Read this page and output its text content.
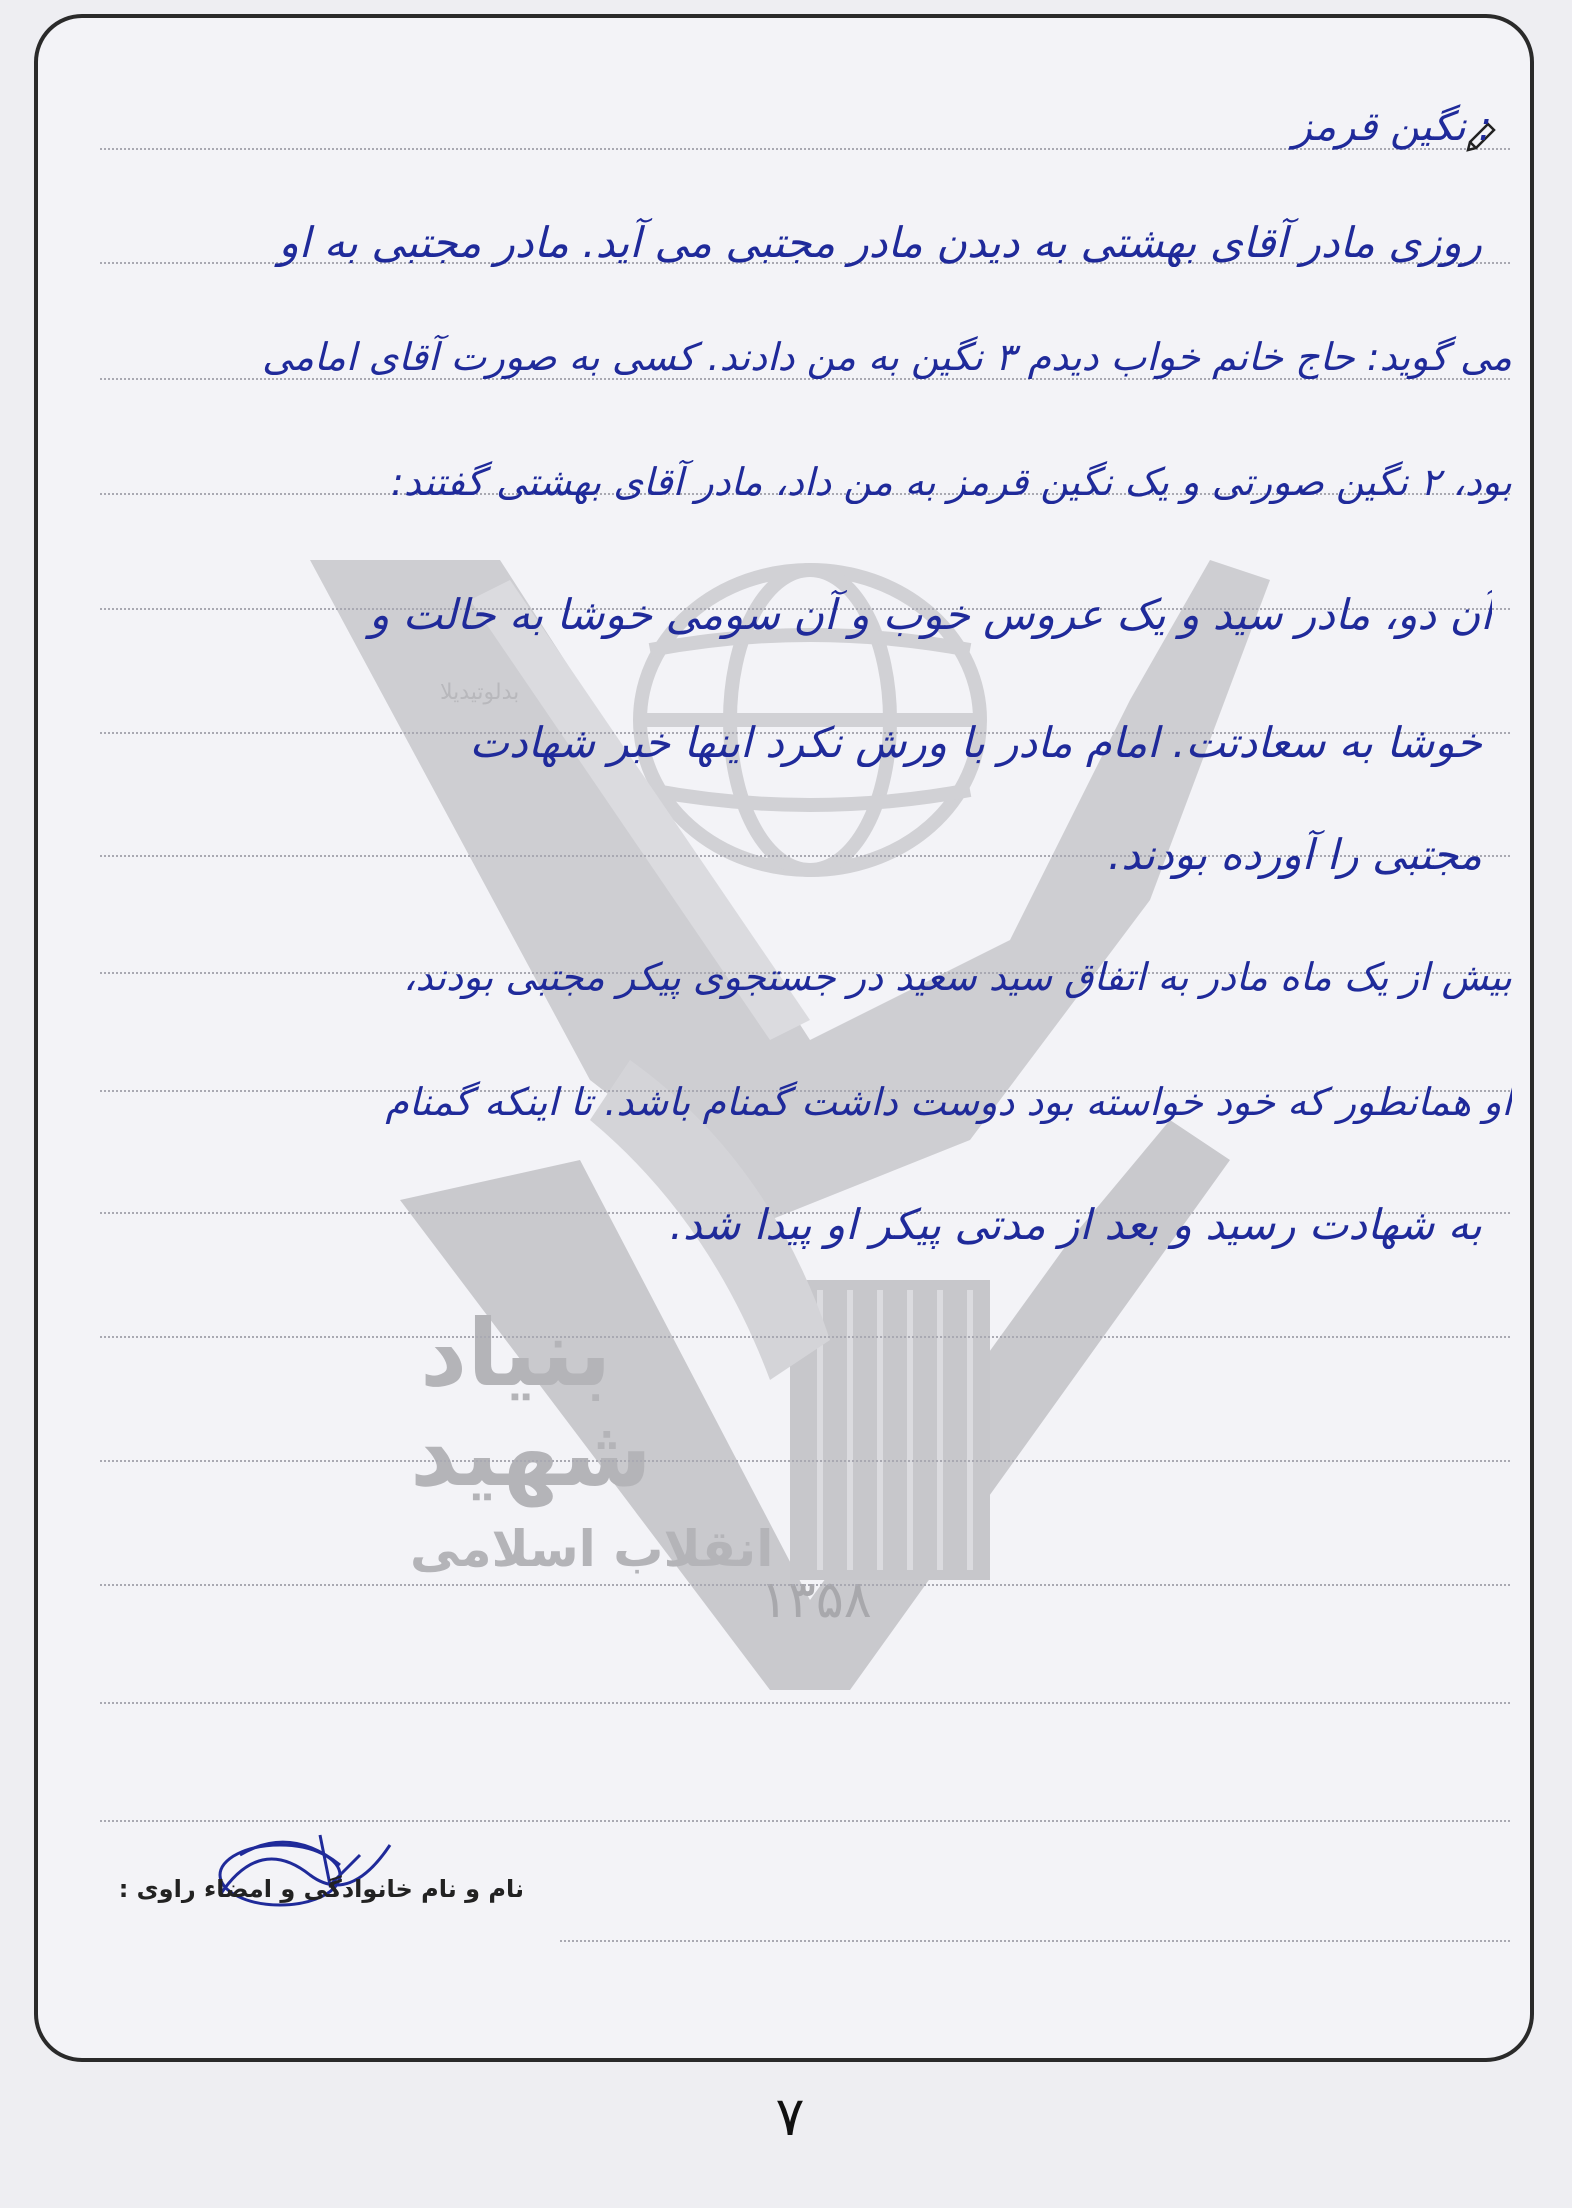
بنیاد
شهید
انقلاب اسلامی
۱۳۵۸
بدلوتیدیلا
: نگین قرمز
روزی مادر آقای بهشتی به دیدن مادر مجتبی می آید. مادر مجتبی به او
می گوید: حاج خانم خواب دیدم ۳ نگین به من دادند. کسی به صورت آقای امامی
بود، ۲ نگین صورتی و یک نگین قرمز به من داد، مادر آقای بهشتی گفتند:
آن دو، مادر سید و یک عروس خوب و آن سومی خوشا به حالت و
خوشا به سعادتت. امام مادر با ورش نکرد اینها خبر شهادت
مجتبی را آورده بودند.
بیش از یک ماه مادر به اتفاق سید سعید در جستجوی پیکر مجتبی بودند،
او همانطور که خود خواسته بود دوست داشت گمنام باشد. تا اینکه گمنام
به شهادت رسید و بعد از مدتی پیکر او پیدا شد.
نام و نام خانوادگی و امضاء راوی :
۷
